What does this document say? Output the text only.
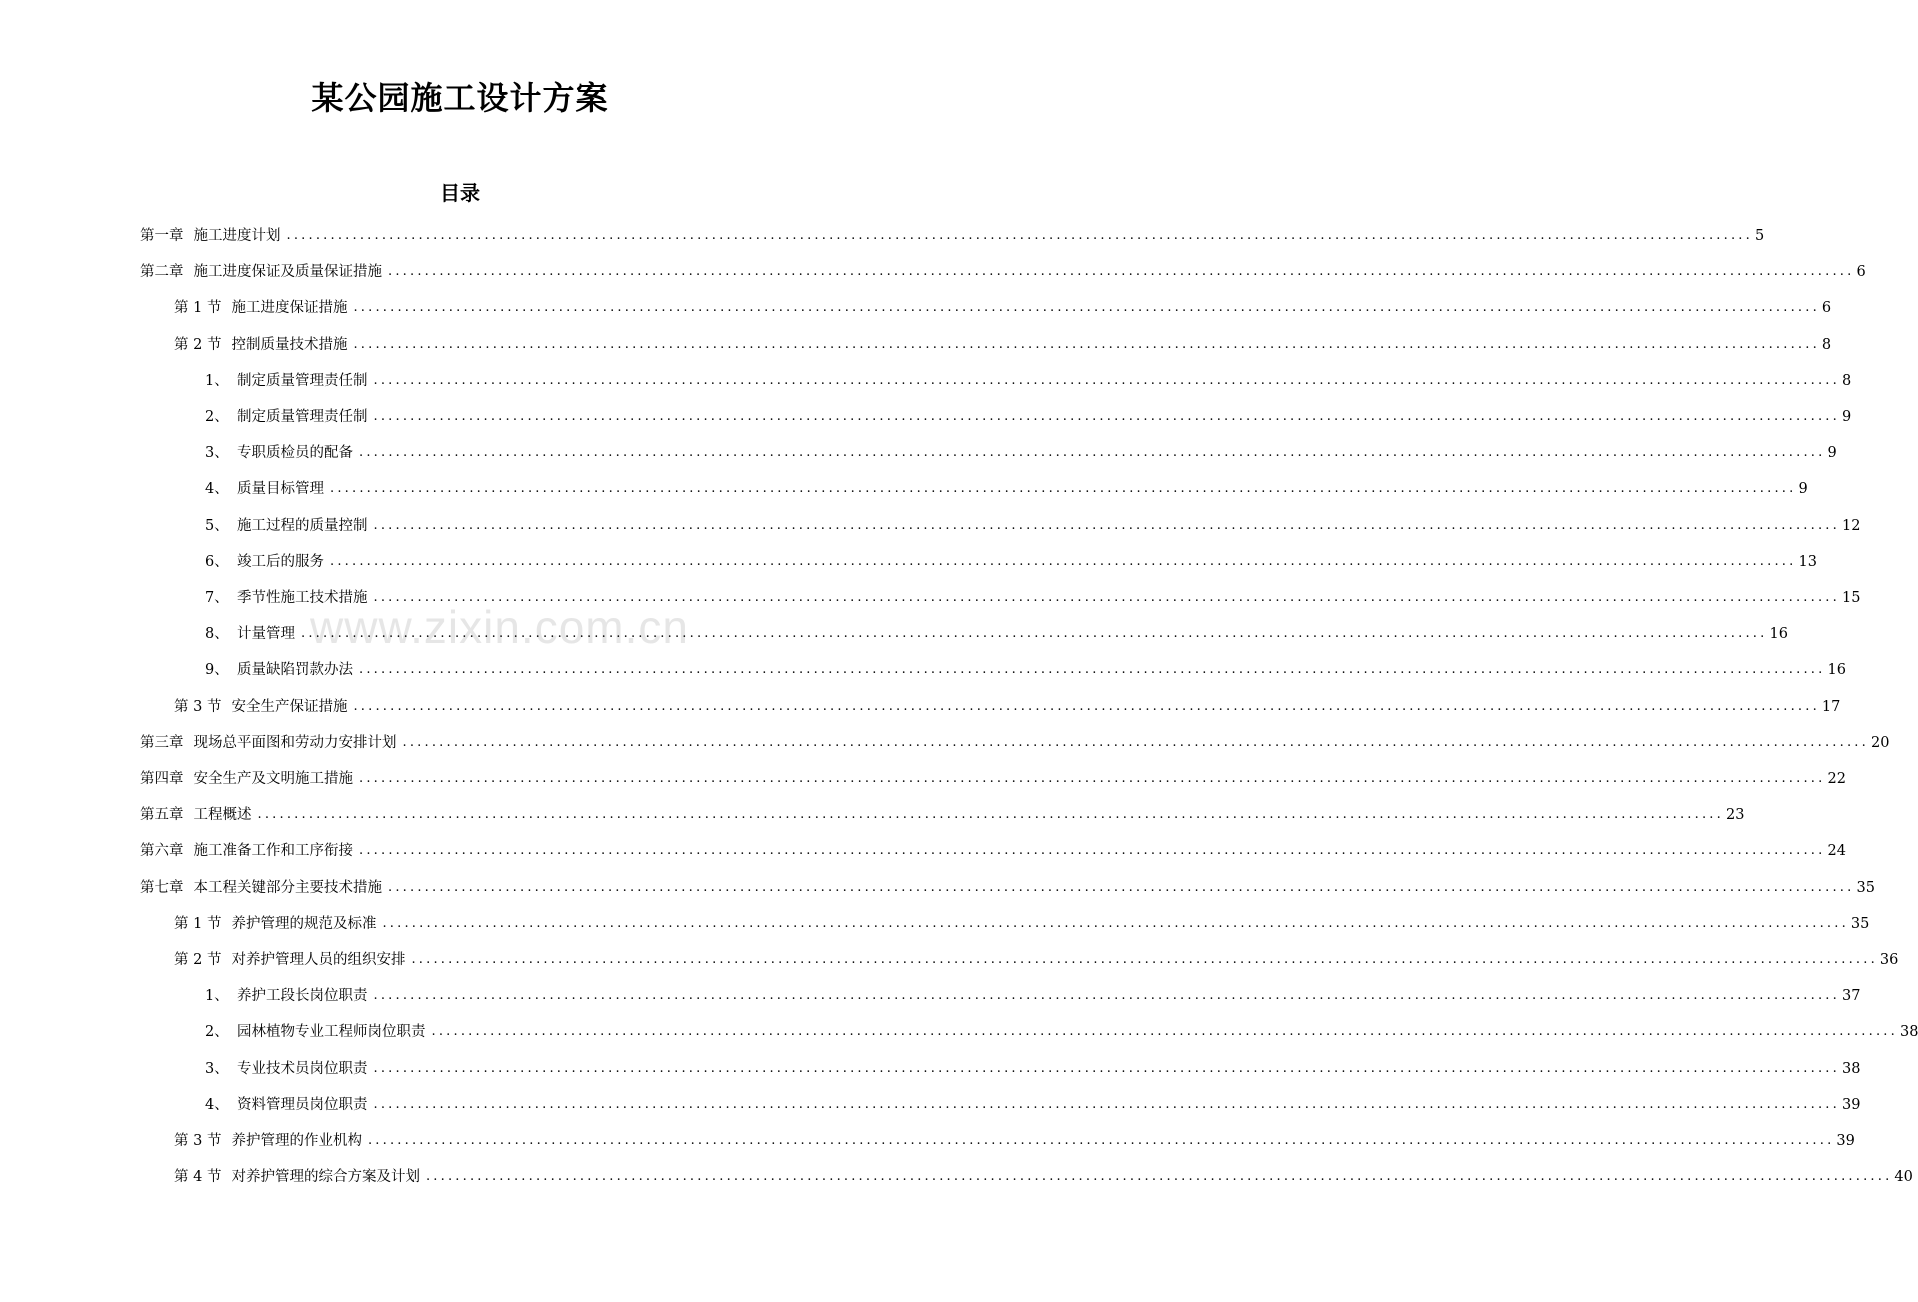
某公园施工设计方案
目录
www.zixin.com.cn
第一章 施工进度计划 ........................................................................................................................................................................................................ 5
第二章 施工进度保证及质量保证措施 ........................................................................................................................................................................................................ 6
第 1 节 施工进度保证措施 ........................................................................................................................................................................................................ 6
第 2 节 控制质量技术措施 ........................................................................................................................................................................................................ 8
1、 制定质量管理责任制 ........................................................................................................................................................................................................ 8
2、 制定质量管理责任制 ........................................................................................................................................................................................................ 9
3、 专职质检员的配备 ........................................................................................................................................................................................................ 9
4、 质量目标管理 ........................................................................................................................................................................................................ 9
5、 施工过程的质量控制 ........................................................................................................................................................................................................ 12
6、 竣工后的服务 ........................................................................................................................................................................................................ 13
7、 季节性施工技术措施 ........................................................................................................................................................................................................ 15
8、 计量管理 ........................................................................................................................................................................................................ 16
9、 质量缺陷罚款办法 ........................................................................................................................................................................................................ 16
第 3 节 安全生产保证措施 ........................................................................................................................................................................................................ 17
第三章 现场总平面图和劳动力安排计划 ........................................................................................................................................................................................................ 20
第四章 安全生产及文明施工措施 ........................................................................................................................................................................................................ 22
第五章 工程概述 ........................................................................................................................................................................................................ 23
第六章 施工准备工作和工序衔接 ........................................................................................................................................................................................................ 24
第七章 本工程关键部分主要技术措施 ........................................................................................................................................................................................................ 35
第 1 节 养护管理的规范及标准 ........................................................................................................................................................................................................ 35
第 2 节 对养护管理人员的组织安排 ........................................................................................................................................................................................................ 36
1、 养护工段长岗位职责 ........................................................................................................................................................................................................ 37
2、 园林植物专业工程师岗位职责 ........................................................................................................................................................................................................ 38
3、 专业技术员岗位职责 ........................................................................................................................................................................................................ 38
4、 资料管理员岗位职责 ........................................................................................................................................................................................................ 39
第 3 节 养护管理的作业机构 ........................................................................................................................................................................................................ 39
第 4 节 对养护管理的综合方案及计划 ........................................................................................................................................................................................................ 40
